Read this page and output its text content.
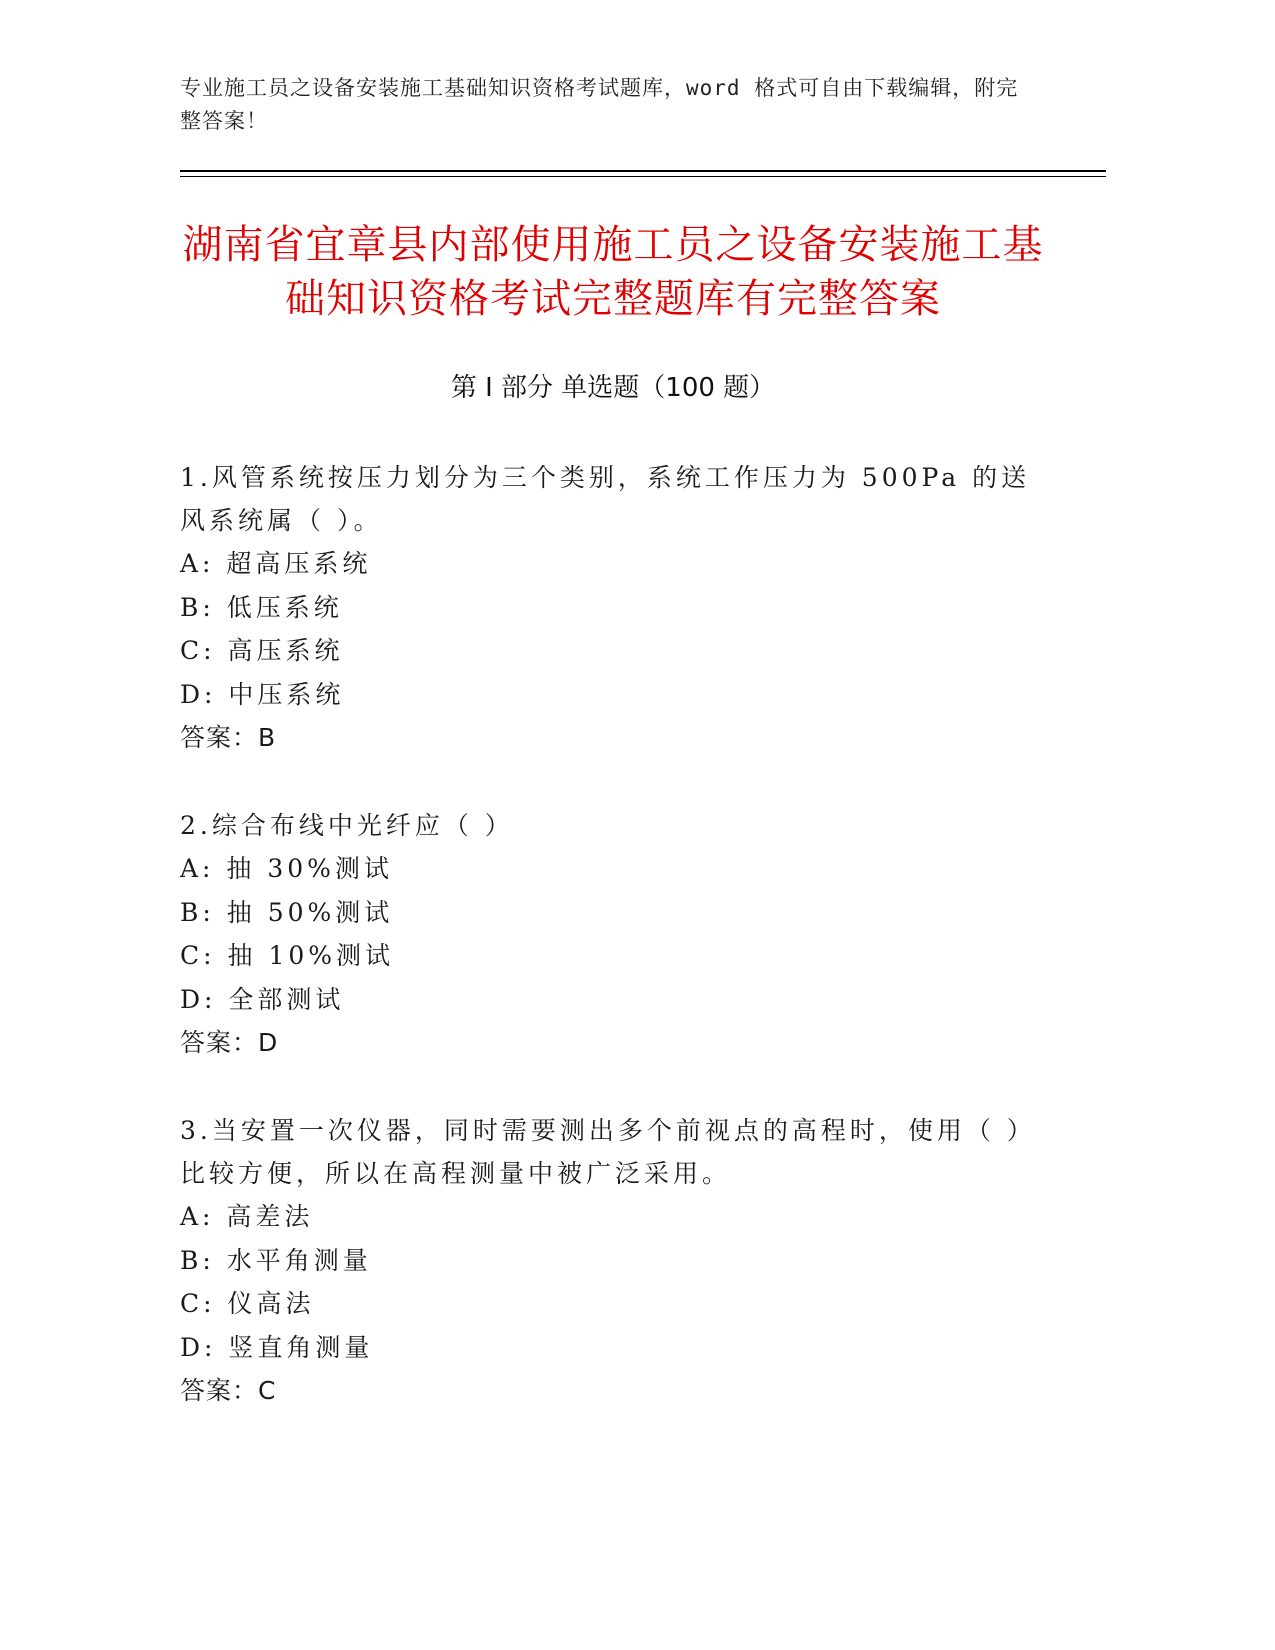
专业施工员之设备安装施工基础知识资格考试题库，word 格式可自由下载编辑，附完整答案！
湖南省宜章县内部使用施工员之设备安装施工基础知识资格考试完整题库有完整答案
第 I 部分 单选题（100 题）

1.风管系统按压力划分为三个类别，系统工作压力为 500Pa 的送风系统属（ ）。

A: 超高压系统

B: 低压系统

C: 高压系统

D: 中压系统

答案：B

2.综合布线中光纤应（ ）

A: 抽 30%测试

B: 抽 50%测试

C: 抽 10%测试

D: 全部测试

答案：D

3.当安置一次仪器，同时需要测出多个前视点的高程时，使用（ ）比较方便，所以在高程测量中被广泛采用。

A: 高差法

B: 水平角测量

C: 仪高法

D: 竖直角测量

答案：C
